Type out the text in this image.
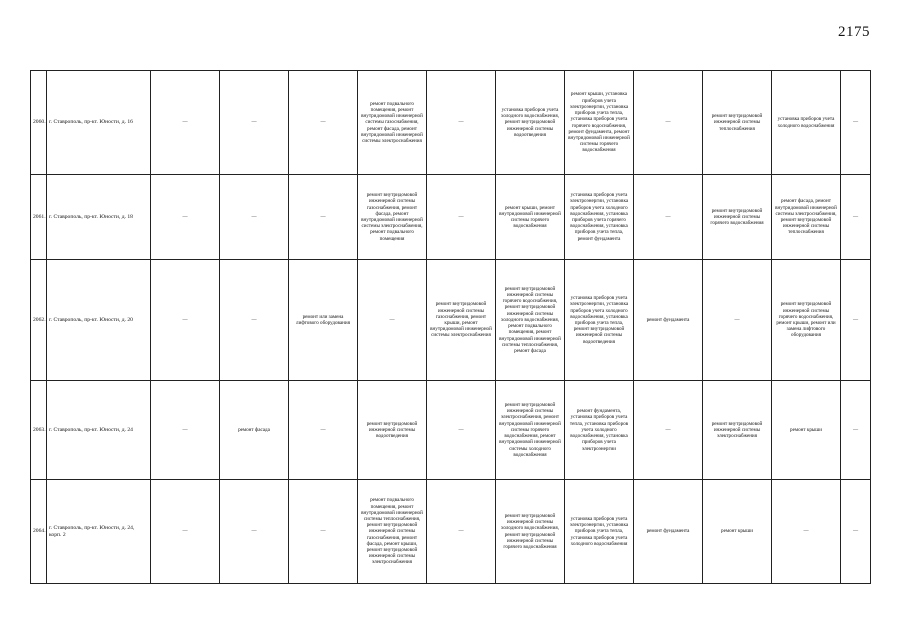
2175
2060.	г. Ставрополь, пр-кт. Юности, д. 16	—	—	—	ремонт подвального помещения, ремонт внутридомовой инженерной системы газоснабжения, ремонт фасада, ремонт внутридомовой инженерной системы электроснабжения	—	установка приборов учета холодного водоснабжения, ремонт внутридомовой инженерной системы водоотведения	ремонт крыши, установка приборов учета электроэнергии, установка приборов учета тепла, установка приборов учета горячего водоснабжения, ремонт фундамента, ремонт внутридомовой инженерной системы горячего водоснабжения	—	ремонт внутридомовой инженерной системы теплоснабжения	установка приборов учета холодного водоснабжения	—
2061.	г. Ставрополь, пр-кт. Юности, д. 18	—	—	—	ремонт внутридомовой инженерной системы газоснабжения, ремонт фасада, ремонт внутридомовой инженерной системы электроснабжения, ремонт подвального помещения	—	ремонт крыши, ремонт внутридомовой инженерной системы горячего водоснабжения	установка приборов учета электроэнергии, установка приборов учета холодного водоснабжения, установка приборов учета горячего водоснабжения, установка приборов учета тепла, ремонт фундамента	—	ремонт внутридомовой инженерной системы горячего водоснабжения	ремонт фасада, ремонт внутридомовой инженерной системы электроснабжения, ремонт внутридомовой инженерной системы теплоснабжения	—
2062.	г. Ставрополь, пр-кт. Юности, д. 20	—	—	ремонт или замена лифтового оборудования	—	ремонт внутридомовой инженерной системы газоснабжения, ремонт крыши, ремонт внутридомовой инженерной системы электроснабжения	ремонт внутридомовой инженерной системы горячего водоснабжения, ремонт внутридомовой инженерной системы холодного водоснабжения, ремонт подвального помещения, ремонт внутридомовой инженерной системы теплоснабжения, ремонт фасада	установка приборов учета электроэнергии, установка приборов учета холодного водоснабжения, установка приборов учета тепла, ремонт внутридомовой инженерной системы водоотведения	ремонт фундамента	—	ремонт внутридомовой инженерной системы горячего водоснабжения, ремонт крыши, ремонт или замена лифтового оборудования	—
2063.	г. Ставрополь, пр-кт. Юности, д. 24	—	ремонт фасада	—	ремонт внутридомовой инженерной системы водоотведения	—	ремонт внутридомовой инженерной системы электроснабжения, ремонт внутридомовой инженерной системы горячего водоснабжения, ремонт внутридомовой инженерной системы холодного водоснабжения	ремонт фундамента, установка приборов учета тепла, установка приборов учета холодного водоснабжения, установка приборов учета электроэнергии	—	ремонт внутридомовой инженерной системы электроснабжения	ремонт крыши	—
2064.	г. Ставрополь, пр-кт. Юности, д. 24, корп. 2	—	—	—	ремонт подвального помещения, ремонт внутридомовой инженерной системы теплоснабжения, ремонт внутридомовой инженерной системы газоснабжения, ремонт фасада, ремонт крыши, ремонт внутридомовой инженерной системы электроснабжения	—	ремонт внутридомовой инженерной системы холодного водоснабжения, ремонт внутридомовой инженерной системы горячего водоснабжения	установка приборов учета электроэнергии, установка приборов учета тепла, установка приборов учета холодного водоснабжения	ремонт фундамента	ремонт крыши	—	—
